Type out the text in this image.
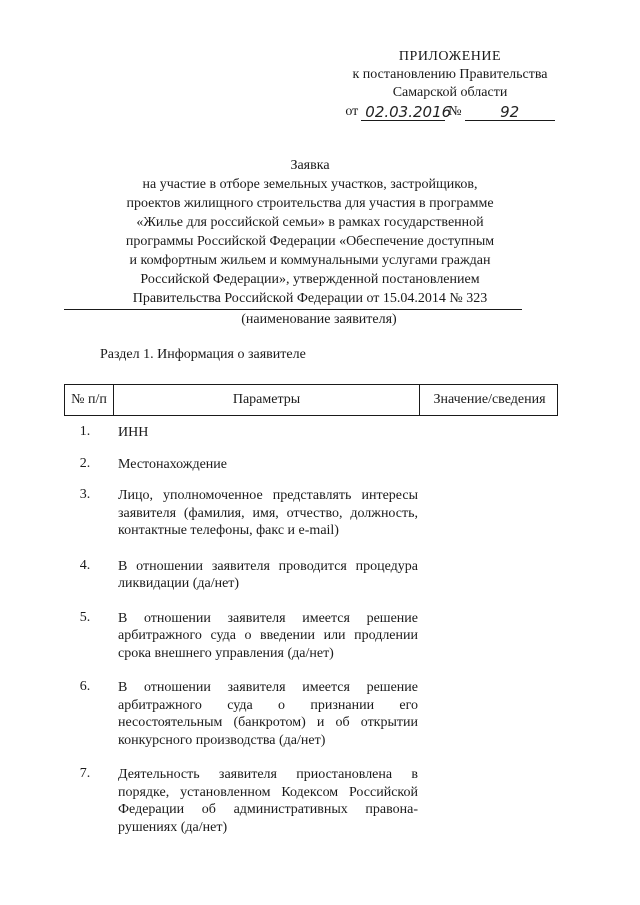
ПРИЛОЖЕНИЕ
к постановлению Правительства
Самарской области
от 02.03.2016
№	92
Заявка
на участие в отборе земельных участков, застройщиков,
проектов жилищного строительства для участия в программе
«Жилье для российской семьи» в рамках государственной
программы Российской Федерации «Обеспечение доступным
и комфортным жильем и коммунальными услугами граждан
Российской Федерации», утвержденной постановлением
Правительства Российской Федерации от 15.04.2014 № 323
(наименование заявителя)
Раздел 1. Информация о заявителе
№ п/п	Параметры	Значение/сведения
1.	ИНН
2.	Местонахождение
3.	Лицо, уполномоченное представлять интересы заявителя (фамилия, имя, отчество, должность, контактные телефоны, факс и e-mail)
4.	В отношении заявителя проводится процедура ликвидации (да/нет)
5.	В отношении заявителя имеется решение арбитражного суда о введении или продлении срока внешнего управления (да/нет)
6.	В отношении заявителя имеется решение арбитражного суда о признании его несостоятельным (банкротом) и об открытии конкурсного производства (да/нет)
7.	Деятельность заявителя приостановлена в порядке, установленном Кодексом Российской Федерации об административных правона-рушениях (да/нет)
